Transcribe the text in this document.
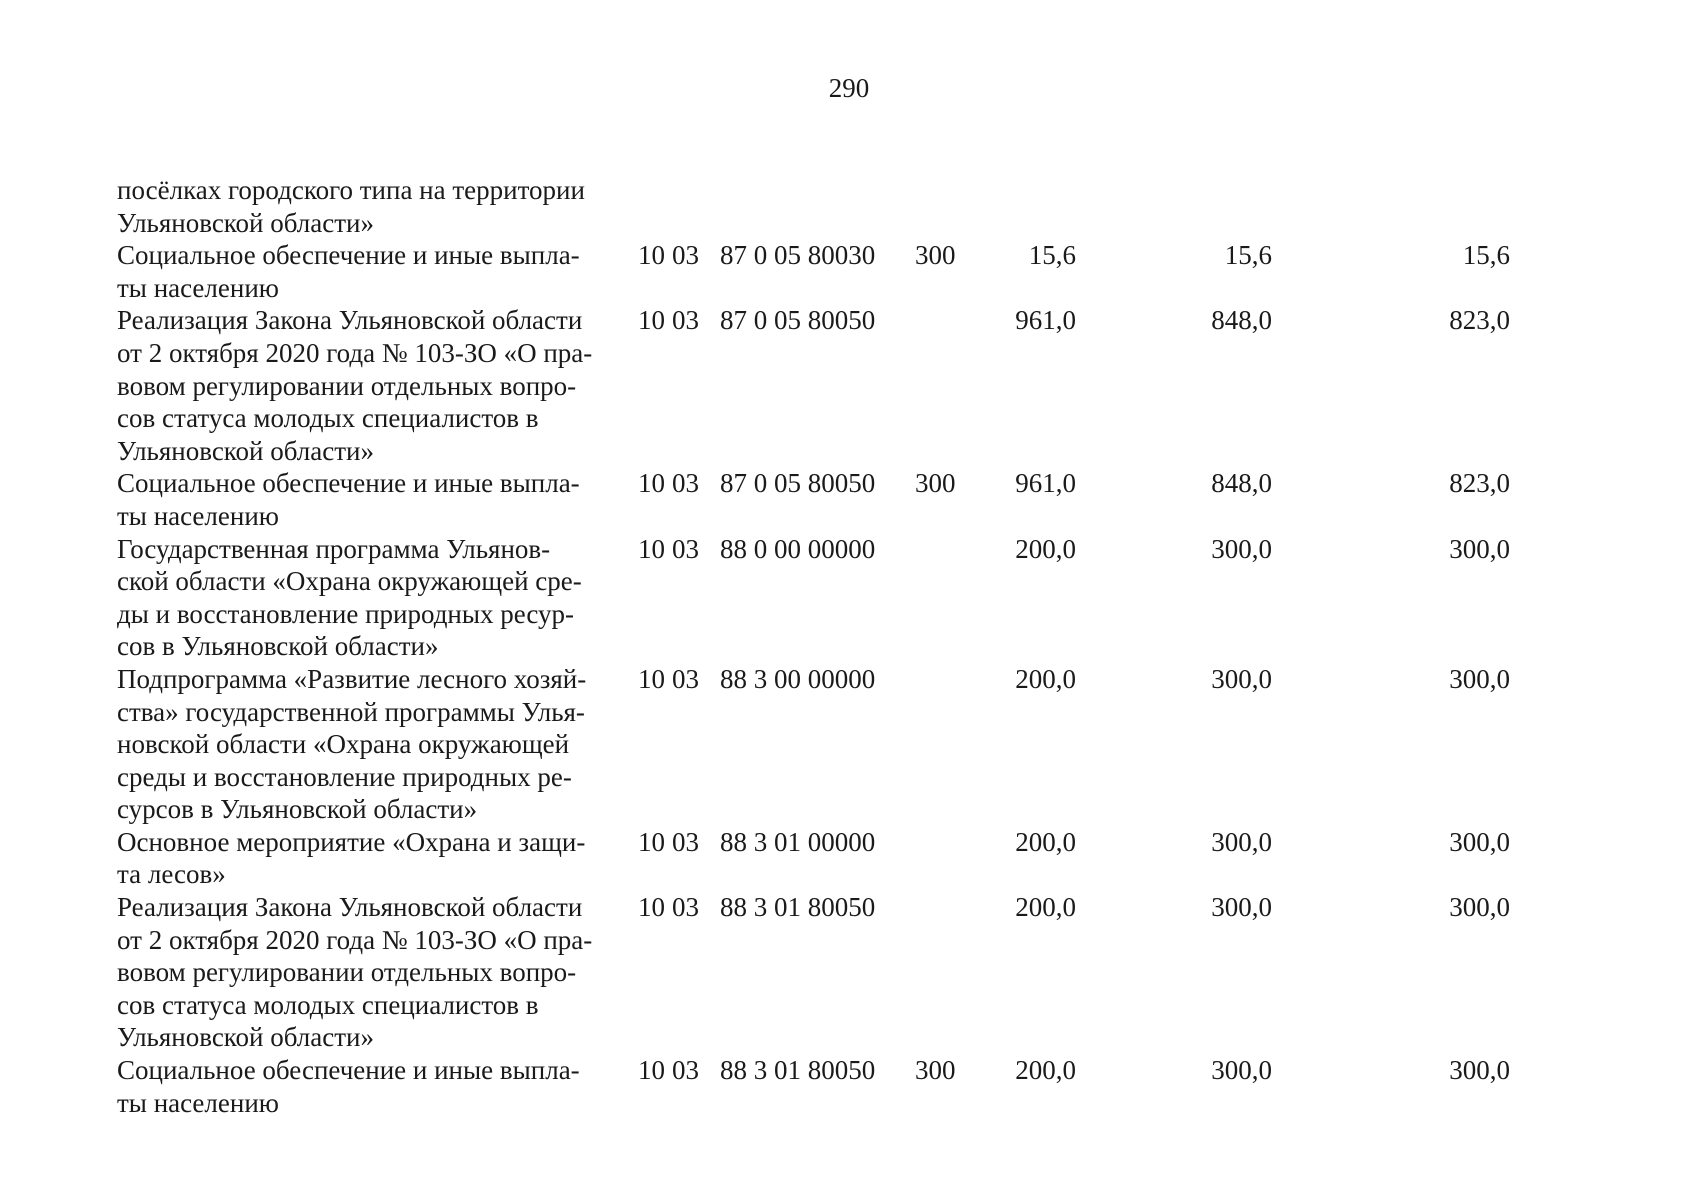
290
посёлках городского типа на территории
Ульяновской области»							

Социальное обеспечение и иные выпла-
ты населению	10	03	87 0 05 80030	300	15,6	15,6	15,6

Реализация Закона Ульяновской области
от 2 октября 2020 года № 103-ЗО «О пра-
вовом регулировании отдельных вопро-
сов статуса молодых специалистов в
Ульяновской области»	10	03	87 0 05 80050		961,0	848,0	823,0

Социальное обеспечение и иные выпла-
ты населению	10	03	87 0 05 80050	300	961,0	848,0	823,0

Государственная программа Ульянов-
ской области «Охрана окружающей сре-
ды и восстановление природных ресур-
сов в Ульяновской области»	10	03	88 0 00 00000		200,0	300,0	300,0

Подпрограмма «Развитие лесного хозяй-
ства» государственной программы Улья-
новской области «Охрана окружающей
среды и восстановление природных ре-
сурсов в Ульяновской области»	10	03	88 3 00 00000		200,0	300,0	300,0

Основное мероприятие «Охрана и защи-
та лесов»	10	03	88 3 01 00000		200,0	300,0	300,0

Реализация Закона Ульяновской области
от 2 октября 2020 года № 103-ЗО «О пра-
вовом регулировании отдельных вопро-
сов статуса молодых специалистов в
Ульяновской области»	10	03	88 3 01 80050		200,0	300,0	300,0

Социальное обеспечение и иные выпла-
ты населению	10	03	88 3 01 80050	300	200,0	300,0	300,0
